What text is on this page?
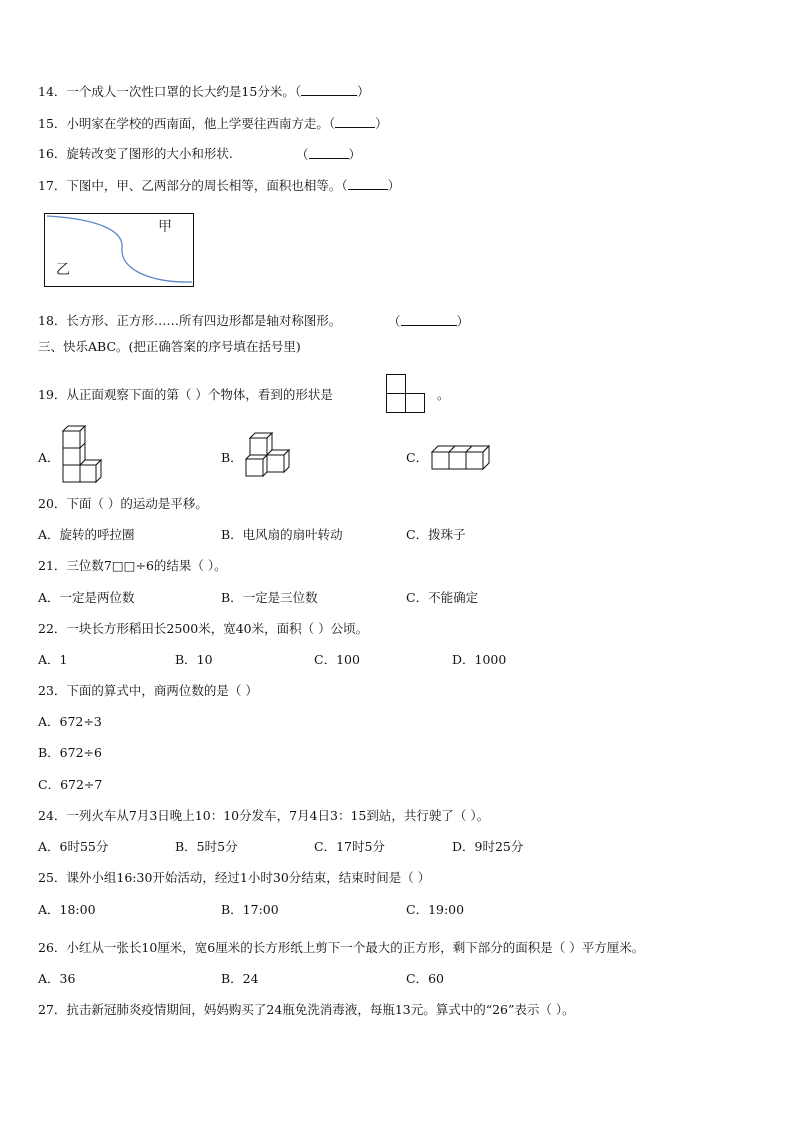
14．一个成人一次性口罩的长大约是15分米。（	）
15．小明家在学校的西南面，他上学要往西南方走。（	）
16．旋转改变了图形的大小和形状.	（	）
17．下图中，甲、乙两部分的周长相等，面积也相等。（	）
甲
乙
18．长方形、正方形……所有四边形都是轴对称图形。	（	）
三、快乐ABC。(把正确答案的序号填在括号里)
19．从正面观察下面的第（ ）个物体，看到的形状是	。
A．	B．	C．
20．下面（ ）的运动是平移。
A．旋转的呼拉圈	B．电风扇的扇叶转动	C．拨珠子
21．三位数7□□÷6的结果（ ）。
A．一定是两位数	B．一定是三位数	C．不能确定
22．一块长方形稻田长2500米，宽40米，面积（ ）公顷。
A．1	B．10	C．100	D．1000
23．下面的算式中，商两位数的是（ ）
A．672÷3
B．672÷6
C．672÷7
24．一列火车从7月3日晚上10：10分发车，7月4日3：15到站，共行驶了（ ）。
A．6时55分	B．5时5分	C．17时5分	D．9时25分
25．课外小组16:30开始活动，经过1小时30分结束，结束时间是（ ）
A．18:00	B．17:00	C．19:00
26．小红从一张长10厘米，宽6厘米的长方形纸上剪下一个最大的正方形，剩下部分的面积是（ ）平方厘米。
A．36	B．24	C．60
27．抗击新冠肺炎疫情期间，妈妈购买了24瓶免洗消毒液，每瓶13元。算式中的“26”表示（ ）。
